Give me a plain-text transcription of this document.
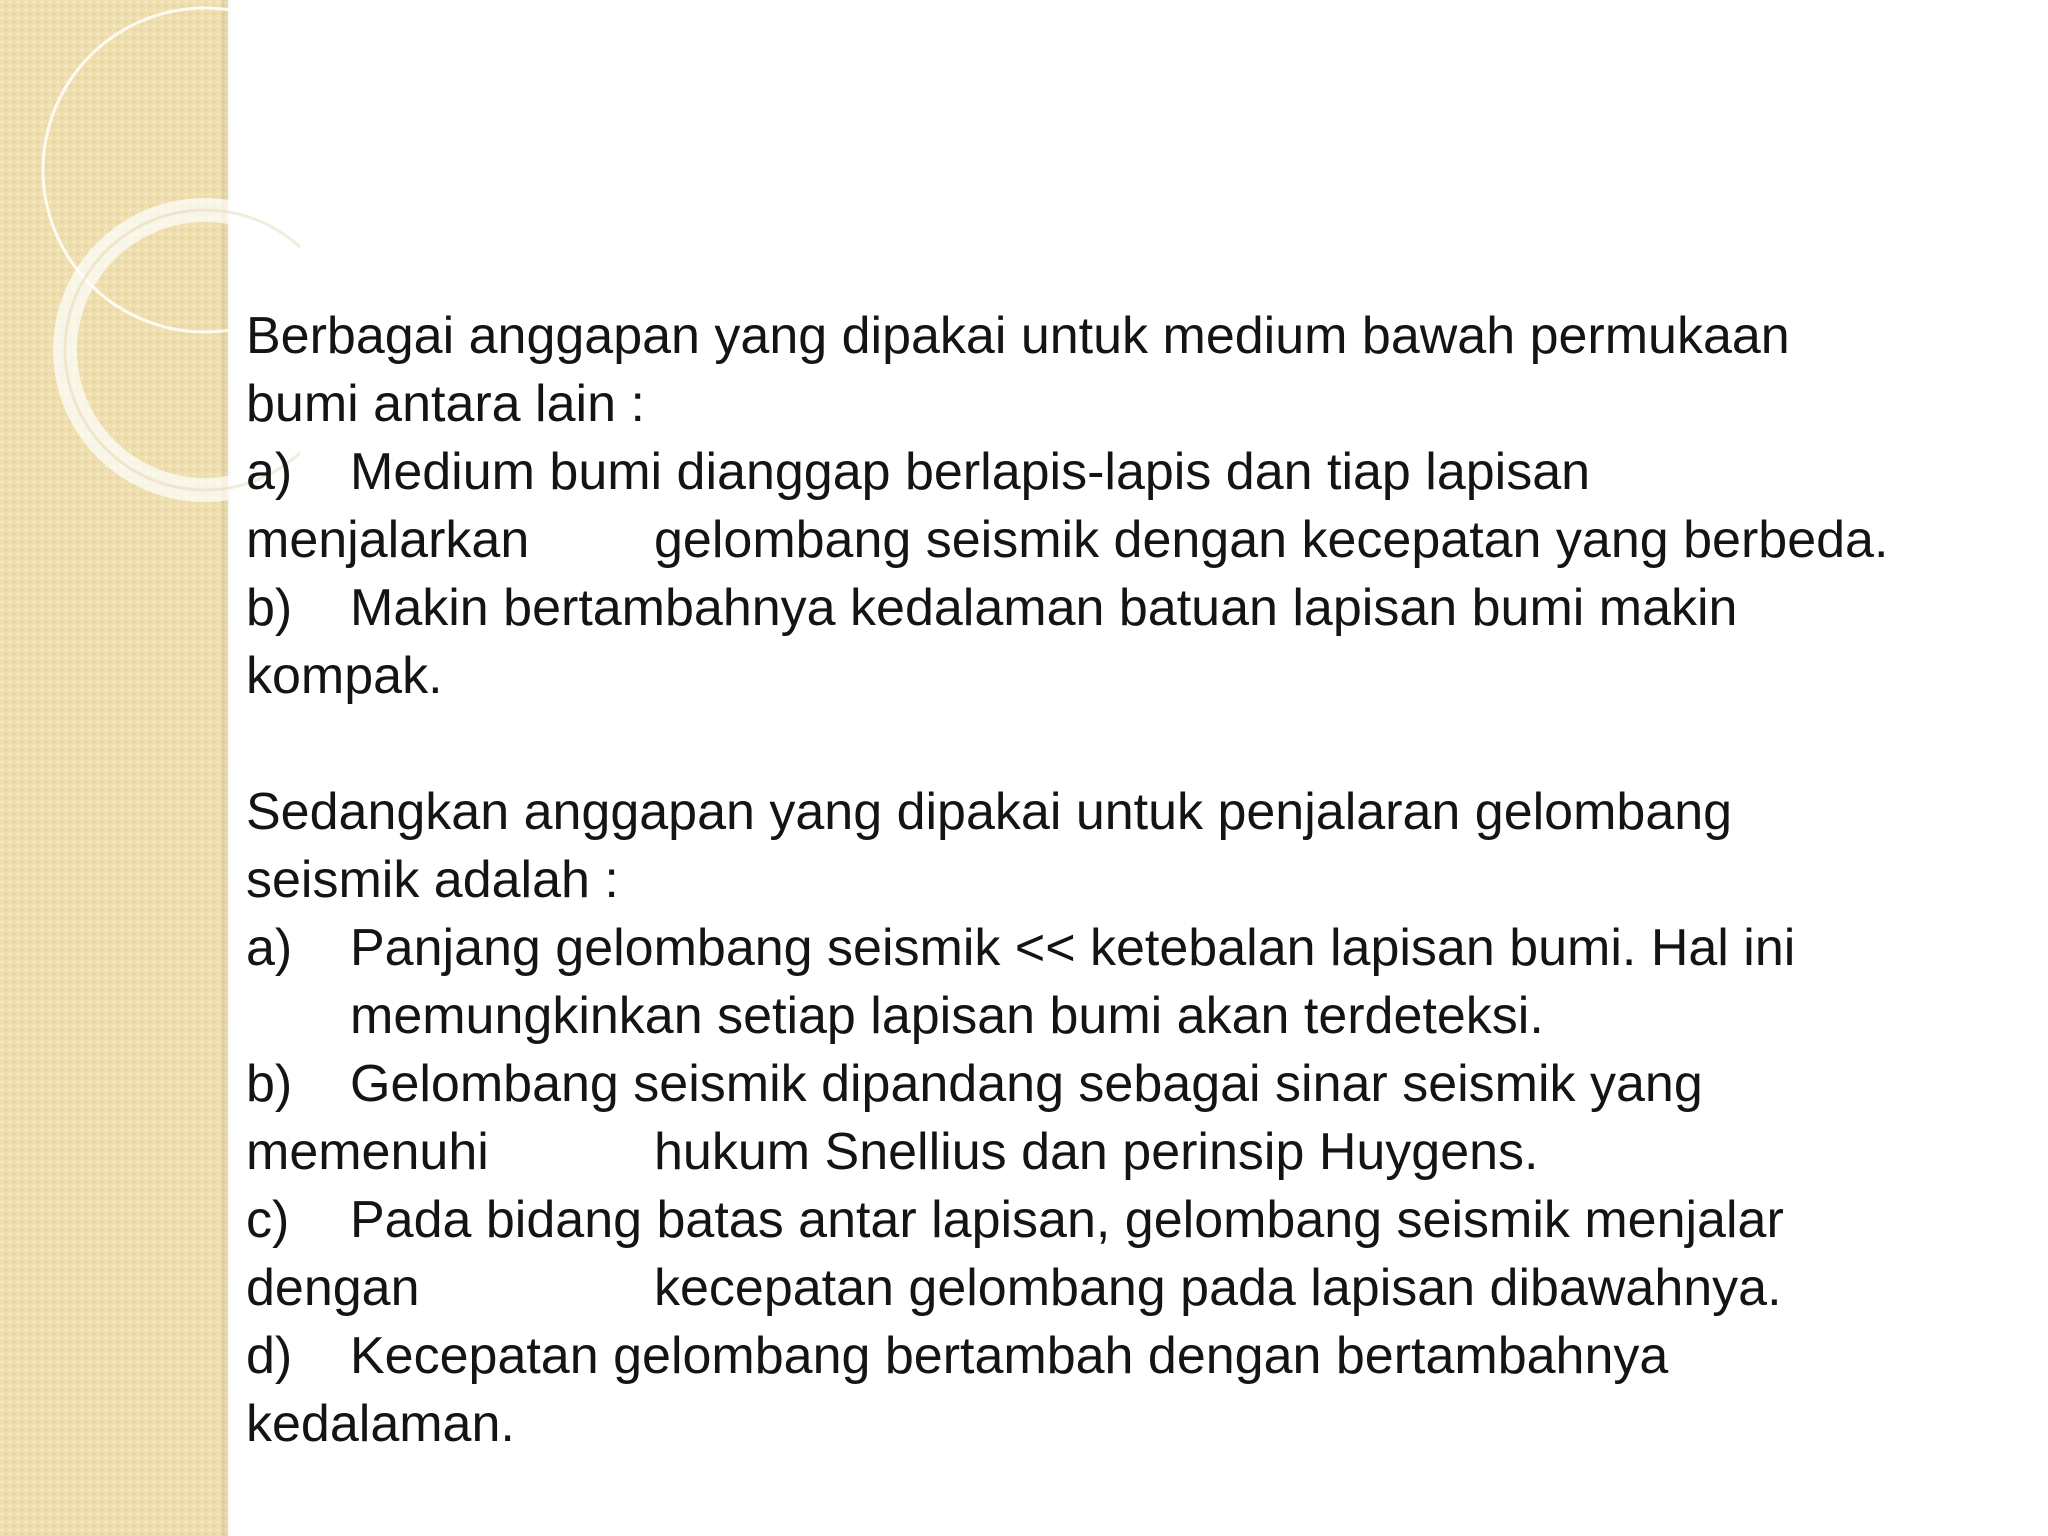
Berbagai anggapan yang dipakai untuk medium bawah permukaan

bumi antara lain :

a) Medium bumi dianggap berlapis-lapis dan tiap lapisan
menjalarkan gelombang seismik dengan kecepatan yang berbeda.
b) Makin bertambahnya kedalaman batuan lapisan bumi makin
kompak.

Sedangkan anggapan yang dipakai untuk penjalaran gelombang

seismik adalah :

a) Panjang gelombang seismik << ketebalan lapisan bumi. Hal ini
memungkinkan setiap lapisan bumi akan terdeteksi.
b) Gelombang seismik dipandang sebagai sinar seismik yang
memenuhi	hukum Snellius dan perinsip Huygens.
c) Pada bidang batas antar lapisan, gelombang seismik menjalar
dengan	kecepatan gelombang pada lapisan dibawahnya.
d) Kecepatan gelombang bertambah dengan bertambahnya
kedalaman.
